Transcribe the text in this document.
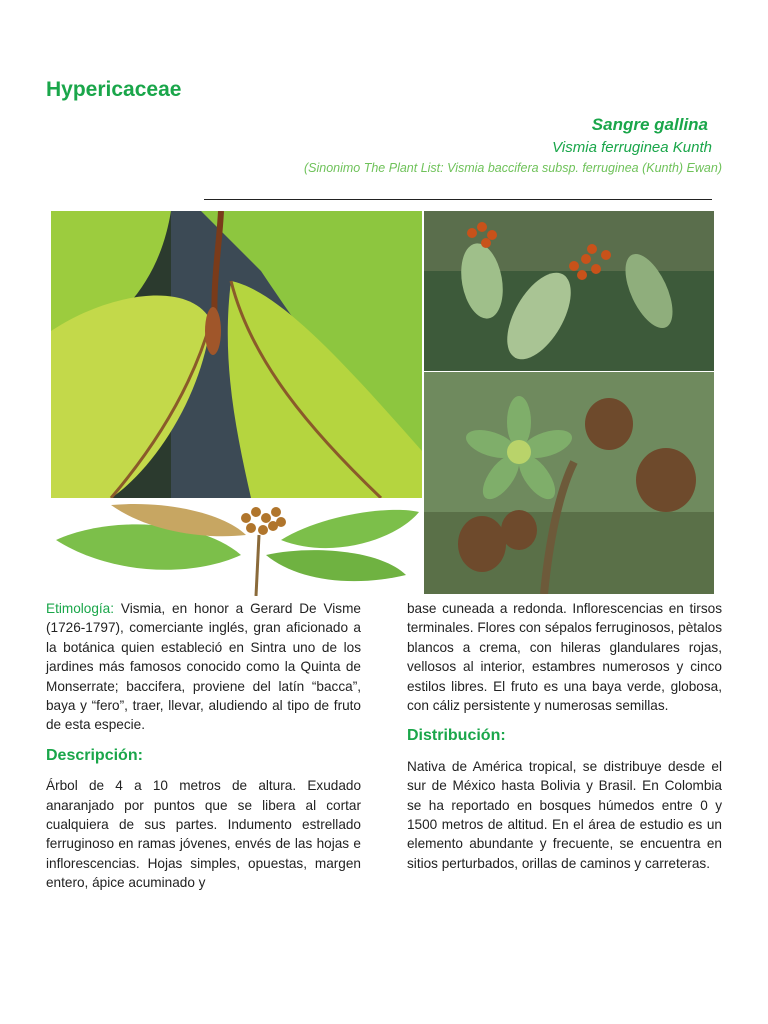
Hypericaceae
Sangre gallina
Vismia ferruginea Kunth
(Sinonimo The Plant List: Vismia baccifera subsp. ferruginea (Kunth) Ewan)

Etimología: Vismia, en honor a Gerard De Visme (1726-1797), comerciante inglés, gran aficionado a la botánica quien estableció en Sintra uno de los jardines más famosos conocido como la Quinta de Monserrate; baccifera, proviene del latín “bacca”, baya y “fero”, traer, llevar, aludiendo al tipo de fruto de esta especie.

Descripción:

Árbol de 4 a 10 metros de altura. Exudado anaranjado por puntos que se libera al cortar cualquiera de sus partes. Indumento estrellado ferruginoso en ramas jóvenes, envés de las hojas e inflorescencias. Hojas simples, opuestas, margen entero, ápice acuminado y

base cuneada a redonda. Inflorescencias en tirsos terminales. Flores con sépalos ferruginosos, pètalos blancos a crema, con hileras glandulares rojas, vellosos al interior, estambres numerosos y cinco estilos libres. El fruto es una baya verde, globosa, con cáliz persistente y numerosas semillas.

Distribución:

Nativa de América tropical, se distribuye desde el sur de México hasta Bolivia y Brasil. En Colombia se ha reportado en bosques húmedos entre 0 y 1500 metros de altitud. En el área de estudio es un elemento abundante y frecuente, se encuentra en sitios perturbados, orillas de caminos y carreteras.
